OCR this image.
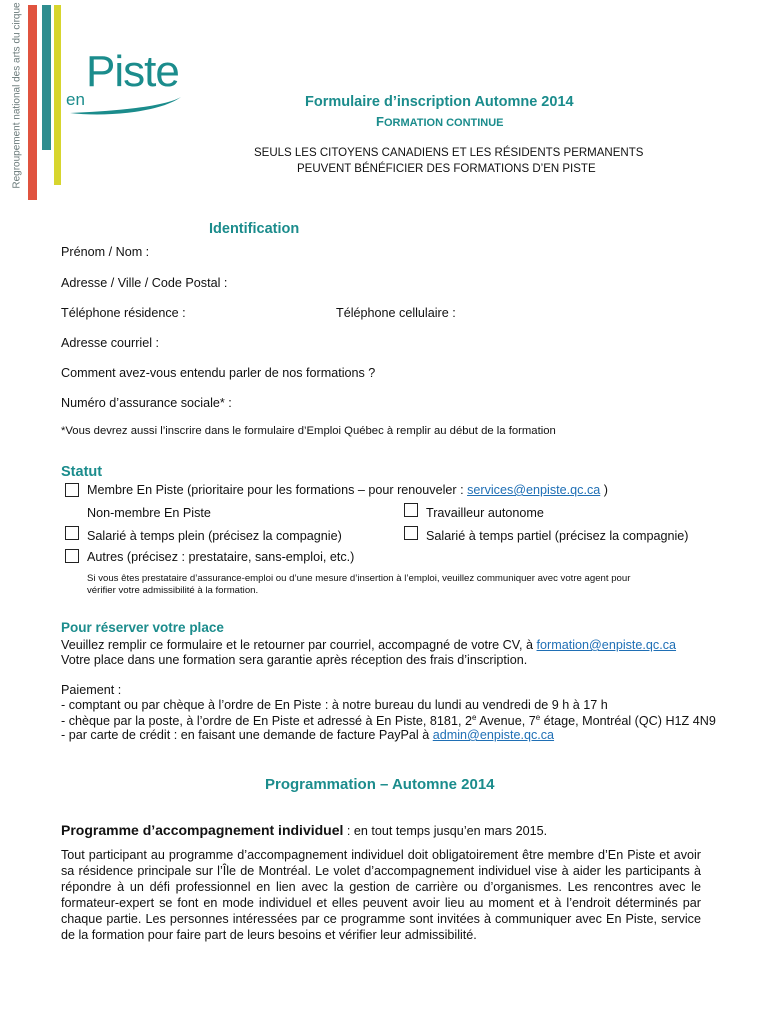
Regroupement national des arts du cirque	en
Piste
Formulaire d’inscription Automne 2014
FORMATION CONTINUE
SEULS LES CITOYENS CANADIENS ET LES RÉSIDENTS PERMANENTS
PEUVENT BÉNÉFICIER DES FORMATIONS D’EN PISTE
Identification
Prénom / Nom :
Adresse / Ville / Code Postal :
Téléphone résidence :	Téléphone cellulaire :
Adresse courriel :
Comment avez-vous entendu parler de nos formations ?
Numéro d’assurance sociale* :
*Vous devrez aussi l’inscrire dans le formulaire d’Emploi Québec à remplir au début de la formation
Statut
Membre En Piste (prioritaire pour les formations – pour renouveler : services@enpiste.qc.ca )
Non-membre En Piste	Travailleur autonome
Salarié à temps plein (précisez la compagnie)	Salarié à temps partiel (précisez la compagnie)
Autres (précisez : prestataire, sans-emploi, etc.)
Si vous êtes prestataire d’assurance-emploi ou d’une mesure d’insertion à l’emploi, veuillez communiquer avec votre agent pour
vérifier votre admissibilité à la formation.
Pour réserver votre place
Veuillez remplir ce formulaire et le retourner par courriel, accompagné de votre CV, à formation@enpiste.qc.ca
Votre place dans une formation sera garantie après réception des frais d’inscription.
Paiement :
- comptant ou par chèque à l’ordre de En Piste : à notre bureau du lundi au vendredi de 9 h à 17 h
- chèque par la poste, à l’ordre de En Piste et adressé à En Piste, 8181, 2e Avenue, 7e étage, Montréal (QC) H1Z 4N9
- par carte de crédit : en faisant une demande de facture PayPal à admin@enpiste.qc.ca
Programmation – Automne 2014
Programme d’accompagnement individuel : en tout temps jusqu’en mars 2015.
Tout participant au programme d’accompagnement individuel doit obligatoirement être membre d’En Piste et avoir sa résidence principale sur l’Île de Montréal. Le volet d’accompagnement individuel vise à aider les participants à répondre à un défi professionnel en lien avec la gestion de carrière ou d’organismes. Les rencontres avec le formateur-expert se font en mode individuel et elles peuvent avoir lieu au moment et à l’endroit déterminés par chaque partie. Les personnes intéressées par ce programme sont invitées à communiquer avec En Piste, service de la formation pour faire part de leurs besoins et vérifier leur admissibilité.
